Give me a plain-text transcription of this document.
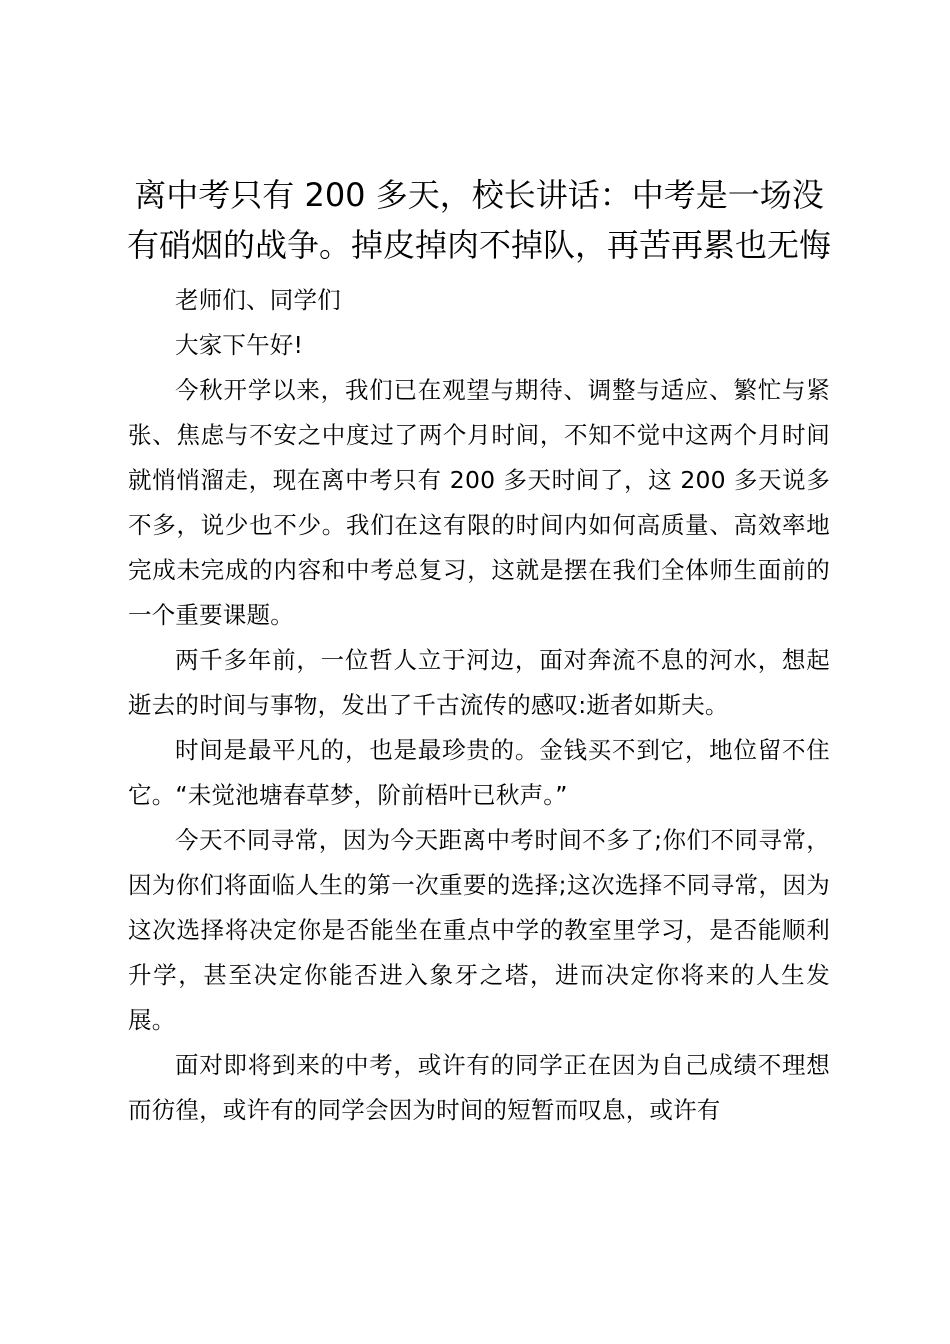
离中考只有 200 多天，校长讲话：中考是一场没有硝烟的战争。掉皮掉肉不掉队，再苦再累也无悔

老师们、同学们

大家下午好!

今秋开学以来，我们已在观望与期待、调整与适应、繁忙与紧张、焦虑与不安之中度过了两个月时间，不知不觉中这两个月时间就悄悄溜走，现在离中考只有 200 多天时间了，这 200 多天说多不多，说少也不少。我们在这有限的时间内如何高质量、高效率地完成未完成的内容和中考总复习，这就是摆在我们全体师生面前的一个重要课题。

两千多年前，一位哲人立于河边，面对奔流不息的河水，想起逝去的时间与事物，发出了千古流传的感叹:逝者如斯夫。

时间是最平凡的，也是最珍贵的。金钱买不到它，地位留不住它。“未觉池塘春草梦，阶前梧叶已秋声。”

今天不同寻常，因为今天距离中考时间不多了;你们不同寻常，因为你们将面临人生的第一次重要的选择;这次选择不同寻常，因为这次选择将决定你是否能坐在重点中学的教室里学习，是否能顺利升学，甚至决定你能否进入象牙之塔，进而决定你将来的人生发展。

面对即将到来的中考，或许有的同学正在因为自己成绩不理想而彷徨，或许有的同学会因为时间的短暂而叹息，或许有
